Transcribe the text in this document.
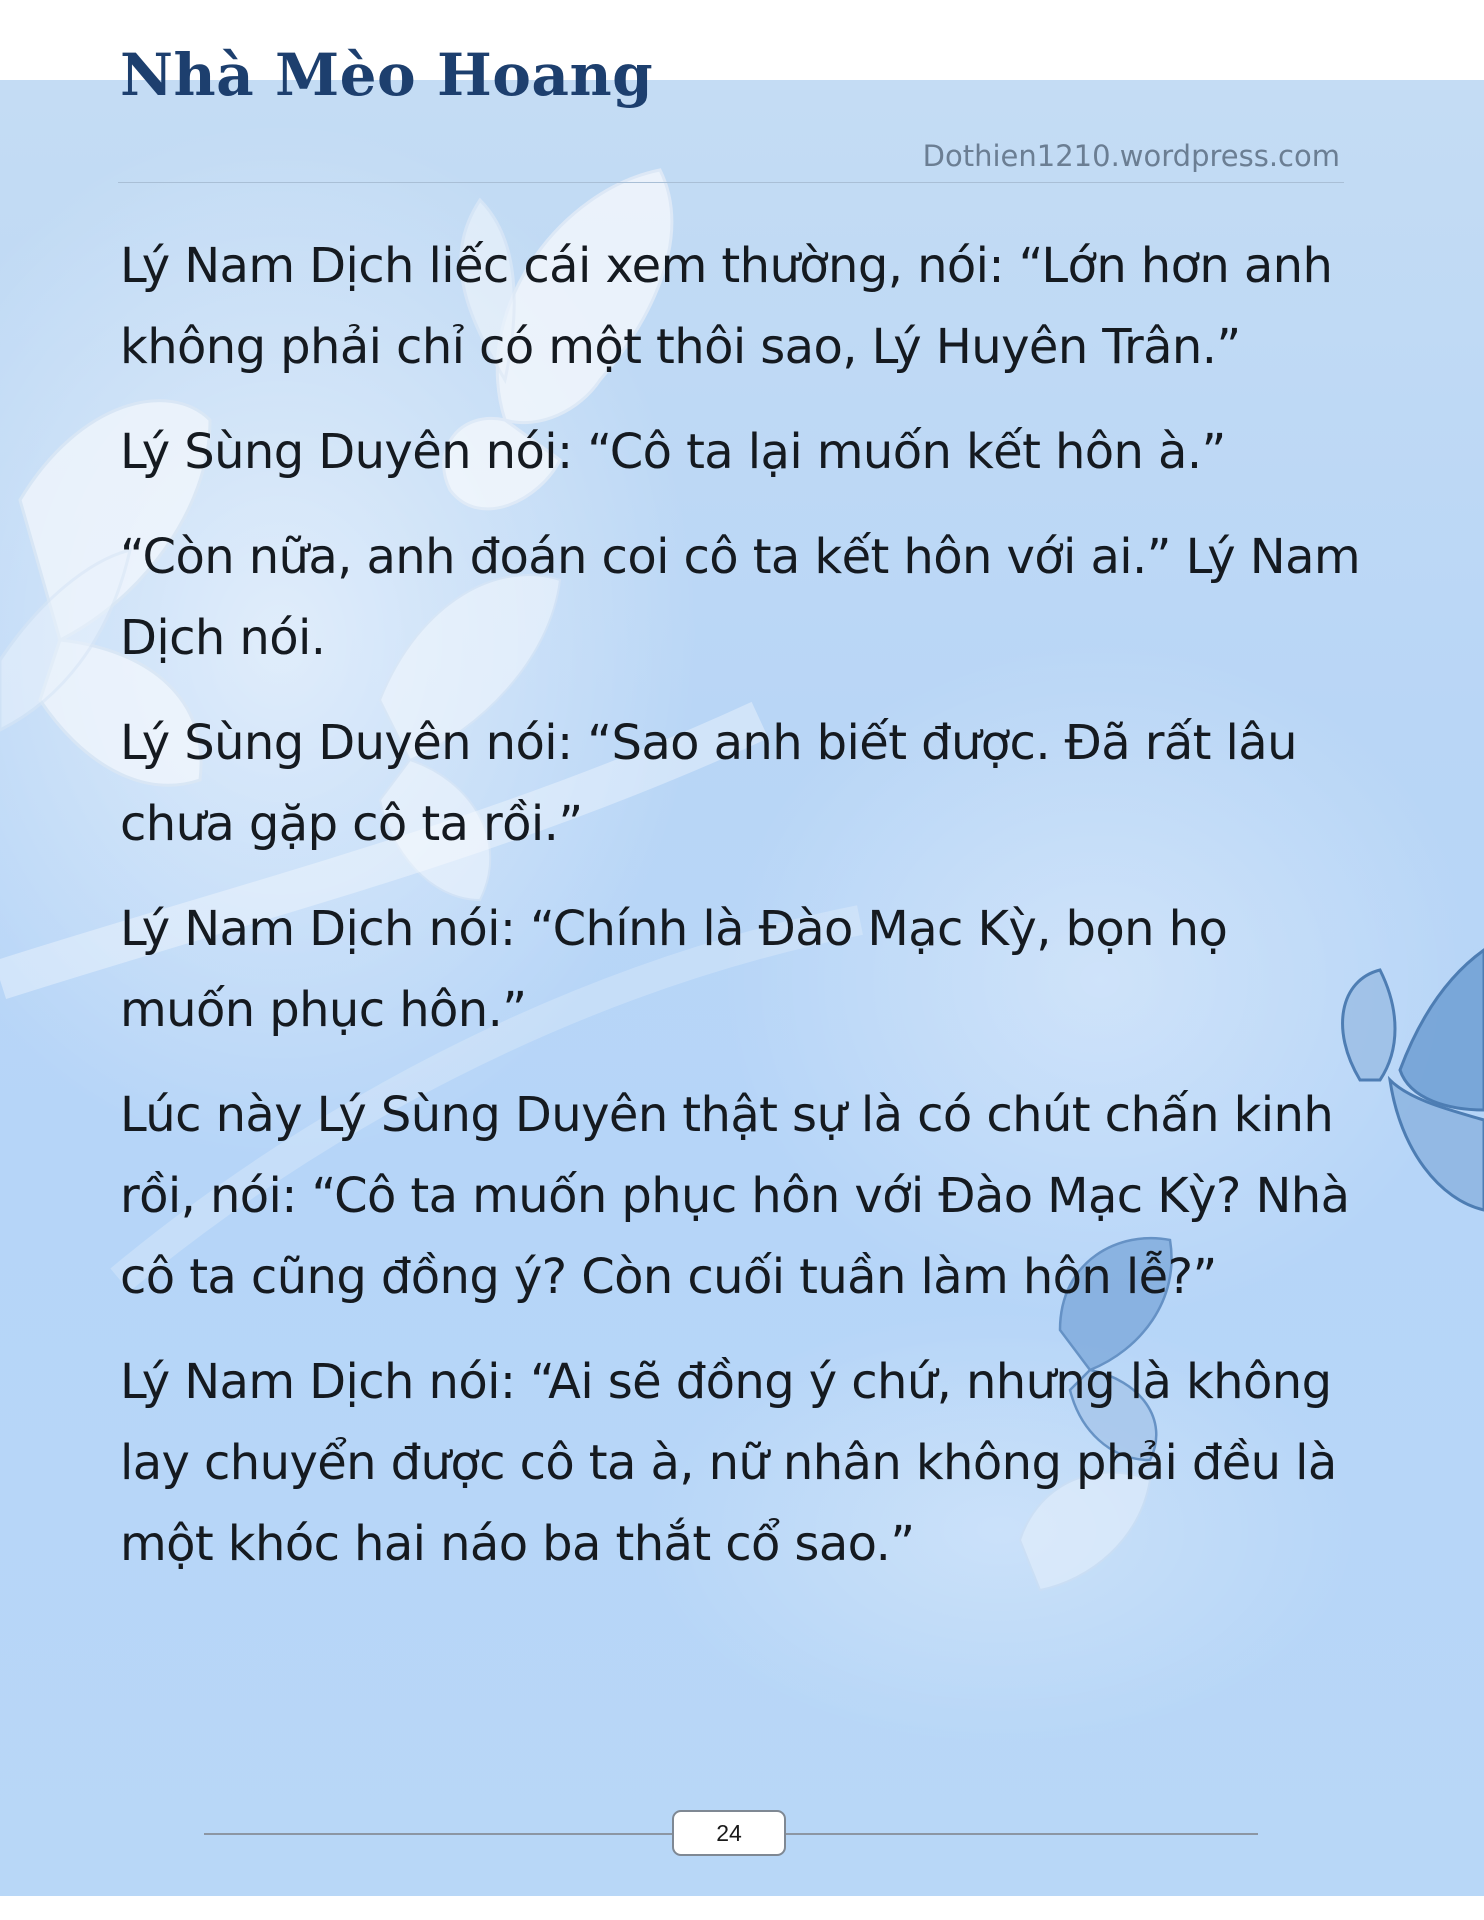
Nhà Mèo Hoang
Dothien1210.wordpress.com

Lý Nam Dịch liếc cái xem thường, nói: “Lớn hơn anh không phải chỉ có một thôi sao, Lý Huyên Trân.”

Lý Sùng Duyên nói: “Cô ta lại muốn kết hôn à.”

“Còn nữa, anh đoán coi cô ta kết hôn với ai.” Lý Nam Dịch nói.

Lý Sùng Duyên nói: “Sao anh biết được. Đã rất lâu chưa gặp cô ta rồi.”

Lý Nam Dịch nói: “Chính là Đào Mạc Kỳ, bọn họ muốn phục hôn.”

Lúc này Lý Sùng Duyên thật sự là có chút chấn kinh rồi, nói: “Cô ta muốn phục hôn với Đào Mạc Kỳ? Nhà cô ta cũng đồng ý? Còn cuối tuần làm hôn lễ?”

Lý Nam Dịch nói: “Ai sẽ đồng ý chứ, nhưng là không lay chuyển được cô ta à, nữ nhân không phải đều là một khóc hai náo ba thắt cổ sao.”

24
